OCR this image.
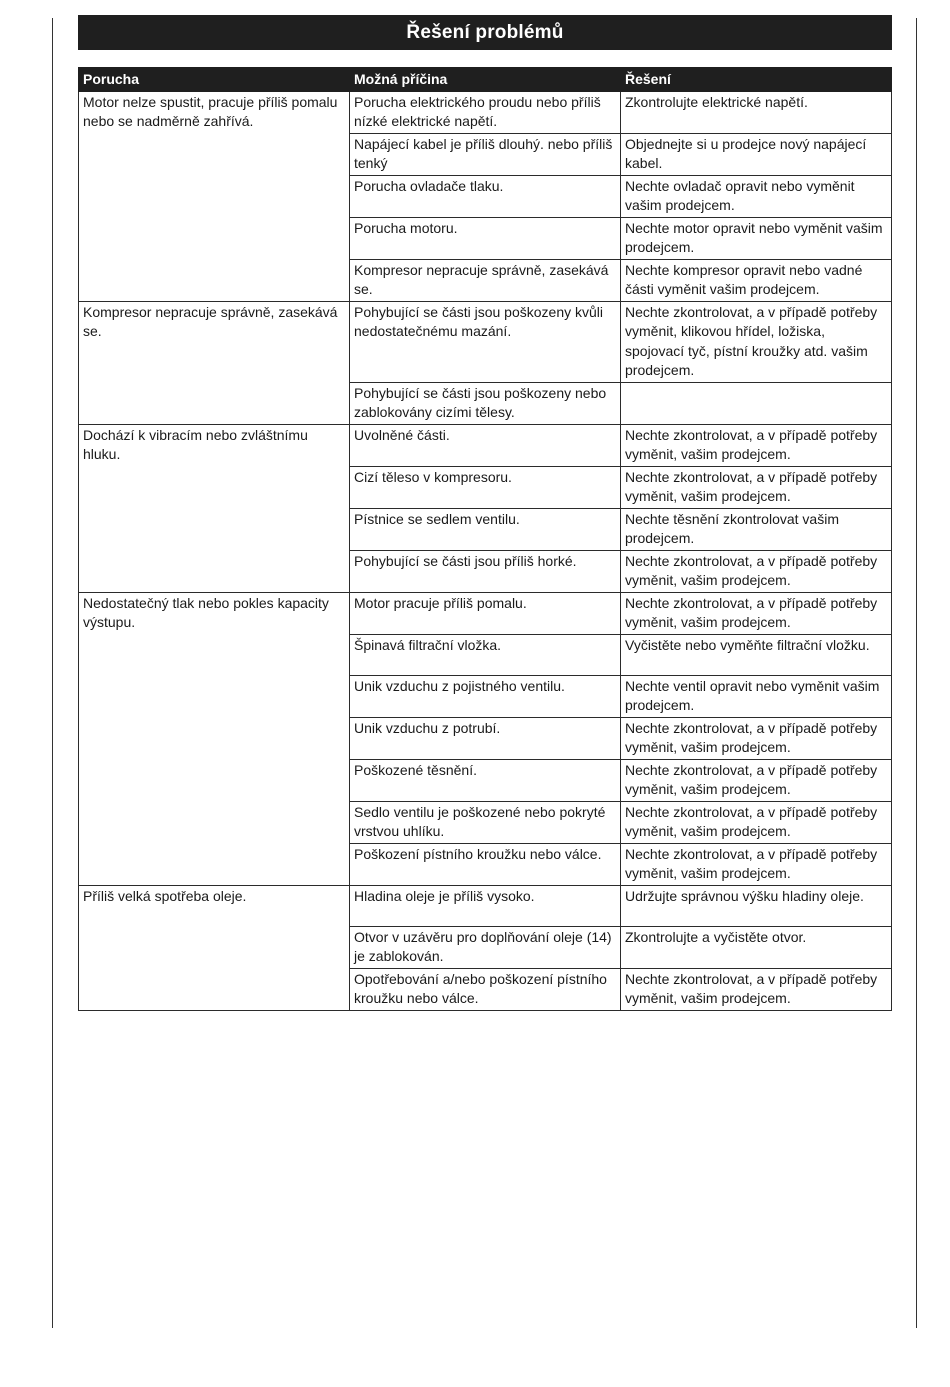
Řešení problémů
Porucha	Možná příčina	Řešení
Motor nelze spustit, pracuje příliš pomalu nebo se nadměrně zahřívá.	Porucha elektrického proudu nebo příliš nízké elektrické napětí.	Zkontrolujte elektrické napětí.
	Napájecí kabel je příliš dlouhý. nebo příliš tenký	Objednejte si u prodejce nový napájecí kabel.
	Porucha ovladače tlaku.	Nechte ovladač opravit nebo vyměnit vašim prodejcem.
	Porucha motoru.	Nechte motor opravit nebo vyměnit vašim prodejcem.
	Kompresor nepracuje správně, zasekává se.	Nechte kompresor opravit nebo vadné části vyměnit vašim prodejcem.
Kompresor nepracuje správně, zasekává se.	Pohybující se části jsou poškozeny kvůli nedostatečnému mazání.	Nechte zkontrolovat, a v případě potřeby vyměnit, klikovou hřídel, ložiska, spojovací tyč, pístní kroužky atd. vašim prodejcem.
	Pohybující se části jsou poškozeny nebo zablokovány cizími tělesy.	
Dochází k vibracím nebo zvláštnímu hluku.	Uvolněné části.	Nechte zkontrolovat, a v případě potřeby vyměnit, vašim prodejcem.
	Cizí těleso v kompresoru.	Nechte zkontrolovat, a v případě potřeby vyměnit, vašim prodejcem.
	Pístnice se sedlem ventilu.	Nechte těsnění zkontrolovat vašim prodejcem.
	Pohybující se části jsou příliš horké.	Nechte zkontrolovat, a v případě potřeby vyměnit, vašim prodejcem.
Nedostatečný tlak nebo pokles kapacity výstupu.	Motor pracuje příliš pomalu.	Nechte zkontrolovat, a v případě potřeby vyměnit, vašim prodejcem.
	Špinavá filtrační vložka.	Vyčistěte nebo vyměňte filtrační vložku.
	Unik vzduchu z pojistného ventilu.	Nechte ventil opravit nebo vyměnit vašim prodejcem.
	Unik vzduchu z potrubí.	Nechte zkontrolovat, a v případě potřeby vyměnit, vašim prodejcem.
	Poškozené těsnění.	Nechte zkontrolovat, a v případě potřeby vyměnit, vašim prodejcem.
	Sedlo ventilu je poškozené nebo pokryté vrstvou uhlíku.	Nechte zkontrolovat, a v případě potřeby vyměnit, vašim prodejcem.
	Poškození pístního kroužku nebo válce.	Nechte zkontrolovat, a v případě potřeby vyměnit, vašim prodejcem.
Příliš velká spotřeba oleje.	Hladina oleje je příliš vysoko.	Udržujte správnou výšku hladiny oleje.
	Otvor v uzávěru pro doplňování oleje (14) je zablokován.	Zkontrolujte a vyčistěte otvor.
	Opotřebování a/nebo poškození pístního kroužku nebo válce.	Nechte zkontrolovat, a v případě potřeby vyměnit, vašim prodejcem.
